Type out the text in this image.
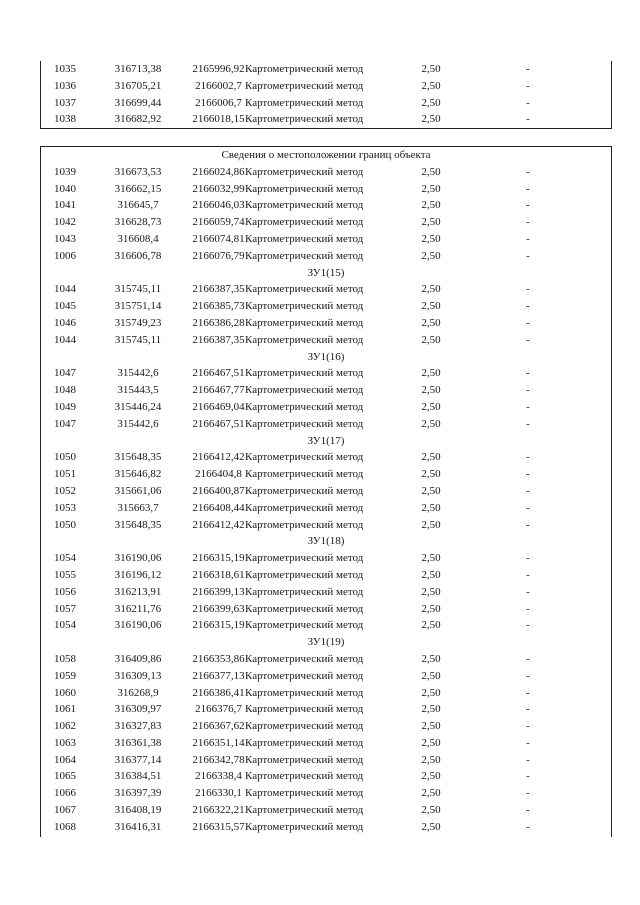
1035	316713,38	2165996,92 Картометрический метод	2,50	-
1036	316705,21	2166002,7 Картометрический метод	2,50	-
1037	316699,44	2166006,7 Картометрический метод	2,50	-
1038	316682,92	2166018,15 Картометрический метод	2,50	-
Сведения о местоположении границ объекта
1039	316673,53	2166024,86 Картометрический метод	2,50	-
1040	316662,15	2166032,99 Картометрический метод	2,50	-
1041	316645,7	2166046,03 Картометрический метод	2,50	-
1042	316628,73	2166059,74 Картометрический метод	2,50	-
1043	316608,4	2166074,81 Картометрический метод	2,50	-
1006	316606,78	2166076,79 Картометрический метод	2,50	-
ЗУ1(15)
1044	315745,11	2166387,35 Картометрический метод	2,50	-
1045	315751,14	2166385,73 Картометрический метод	2,50	-
1046	315749,23	2166386,28 Картометрический метод	2,50	-
1044	315745,11	2166387,35 Картометрический метод	2,50	-
ЗУ1(16)
1047	315442,6	2166467,51 Картометрический метод	2,50	-
1048	315443,5	2166467,77 Картометрический метод	2,50	-
1049	315446,24	2166469,04 Картометрический метод	2,50	-
1047	315442,6	2166467,51 Картометрический метод	2,50	-
ЗУ1(17)
1050	315648,35	2166412,42 Картометрический метод	2,50	-
1051	315646,82	2166404,8 Картометрический метод	2,50	-
1052	315661,06	2166400,87 Картометрический метод	2,50	-
1053	315663,7	2166408,44 Картометрический метод	2,50	-
1050	315648,35	2166412,42 Картометрический метод	2,50	-
ЗУ1(18)
1054	316190,06	2166315,19 Картометрический метод	2,50	-
1055	316196,12	2166318,61 Картометрический метод	2,50	-
1056	316213,91	2166399,13 Картометрический метод	2,50	-
1057	316211,76	2166399,63 Картометрический метод	2,50	-
1054	316190,06	2166315,19 Картометрический метод	2,50	-
ЗУ1(19)
1058	316409,86	2166353,86 Картометрический метод	2,50	-
1059	316309,13	2166377,13 Картометрический метод	2,50	-
1060	316268,9	2166386,41 Картометрический метод	2,50	-
1061	316309,97	2166376,7 Картометрический метод	2,50	-
1062	316327,83	2166367,62 Картометрический метод	2,50	-
1063	316361,38	2166351,14 Картометрический метод	2,50	-
1064	316377,14	2166342,78 Картометрический метод	2,50	-
1065	316384,51	2166338,4 Картометрический метод	2,50	-
1066	316397,39	2166330,1 Картометрический метод	2,50	-
1067	316408,19	2166322,21 Картометрический метод	2,50	-
1068	316416,31	2166315,57 Картометрический метод	2,50	-
